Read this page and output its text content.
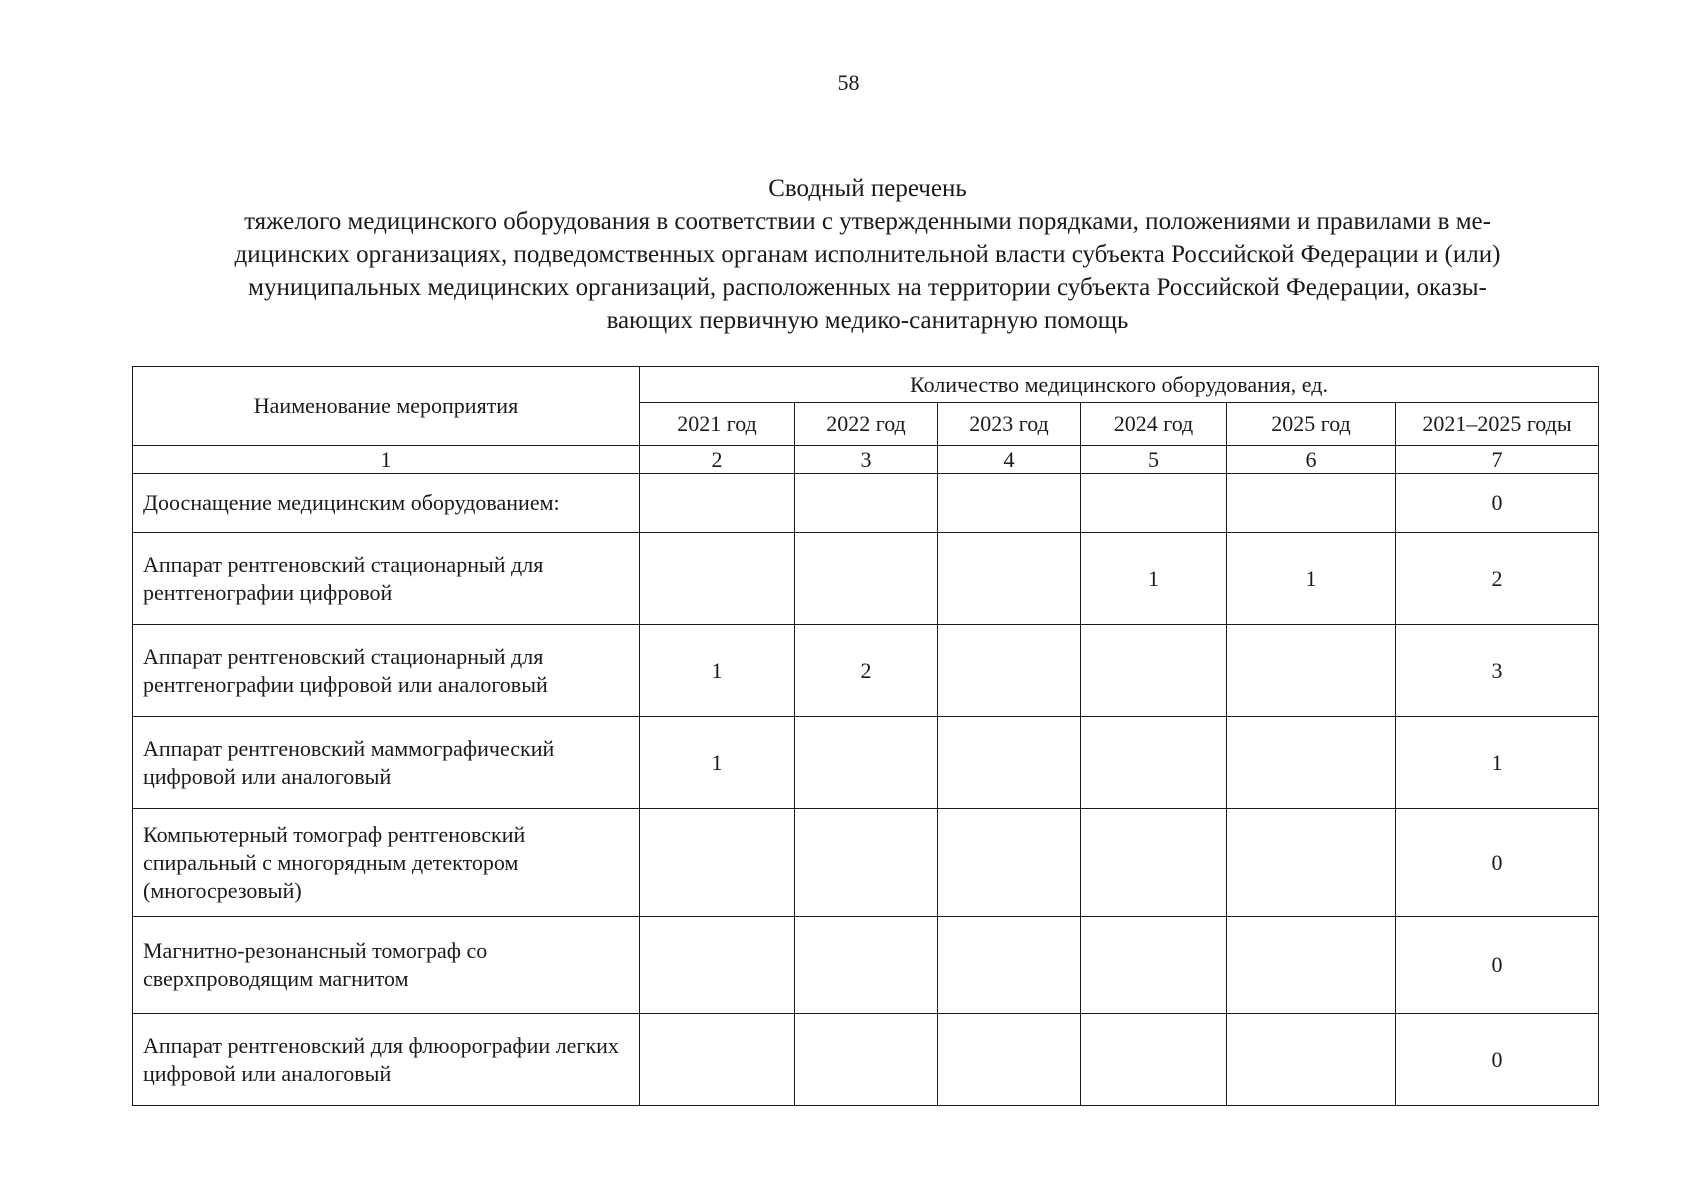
58
Сводный перечень
тяжелого медицинского оборудования в соответствии с утвержденными порядками, положениями и правилами в ме-
дицинских организациях, подведомственных органам исполнительной власти субъекта Российской Федерации и (или)
муниципальных медицинских организаций, расположенных на территории субъекта Российской Федерации, оказы-
вающих первичную медико-санитарную помощь
Наименование мероприятия	Количество медицинского оборудования, ед.					
	2021 год	2022 год	2023 год	2024 год	2025 год	2021–2025 годы
1	2	3	4	5	6	7
Дооснащение медицинским оборудованием:						0
Аппарат рентгеновский стационарный для рентгенографии цифровой				1	1	2
Аппарат рентгеновский стационарный для рентгенографии цифровой или аналоговый	1	2				3
Аппарат рентгеновский маммографический цифровой или аналоговый	1					1
Компьютерный томограф рентгеновский спиральный с многорядным детектором (многосрезовый)						0
Магнитно-резонансный томограф со сверхпроводящим магнитом						0
Аппарат рентгеновский для флюорографии легких цифровой или аналоговый						0
